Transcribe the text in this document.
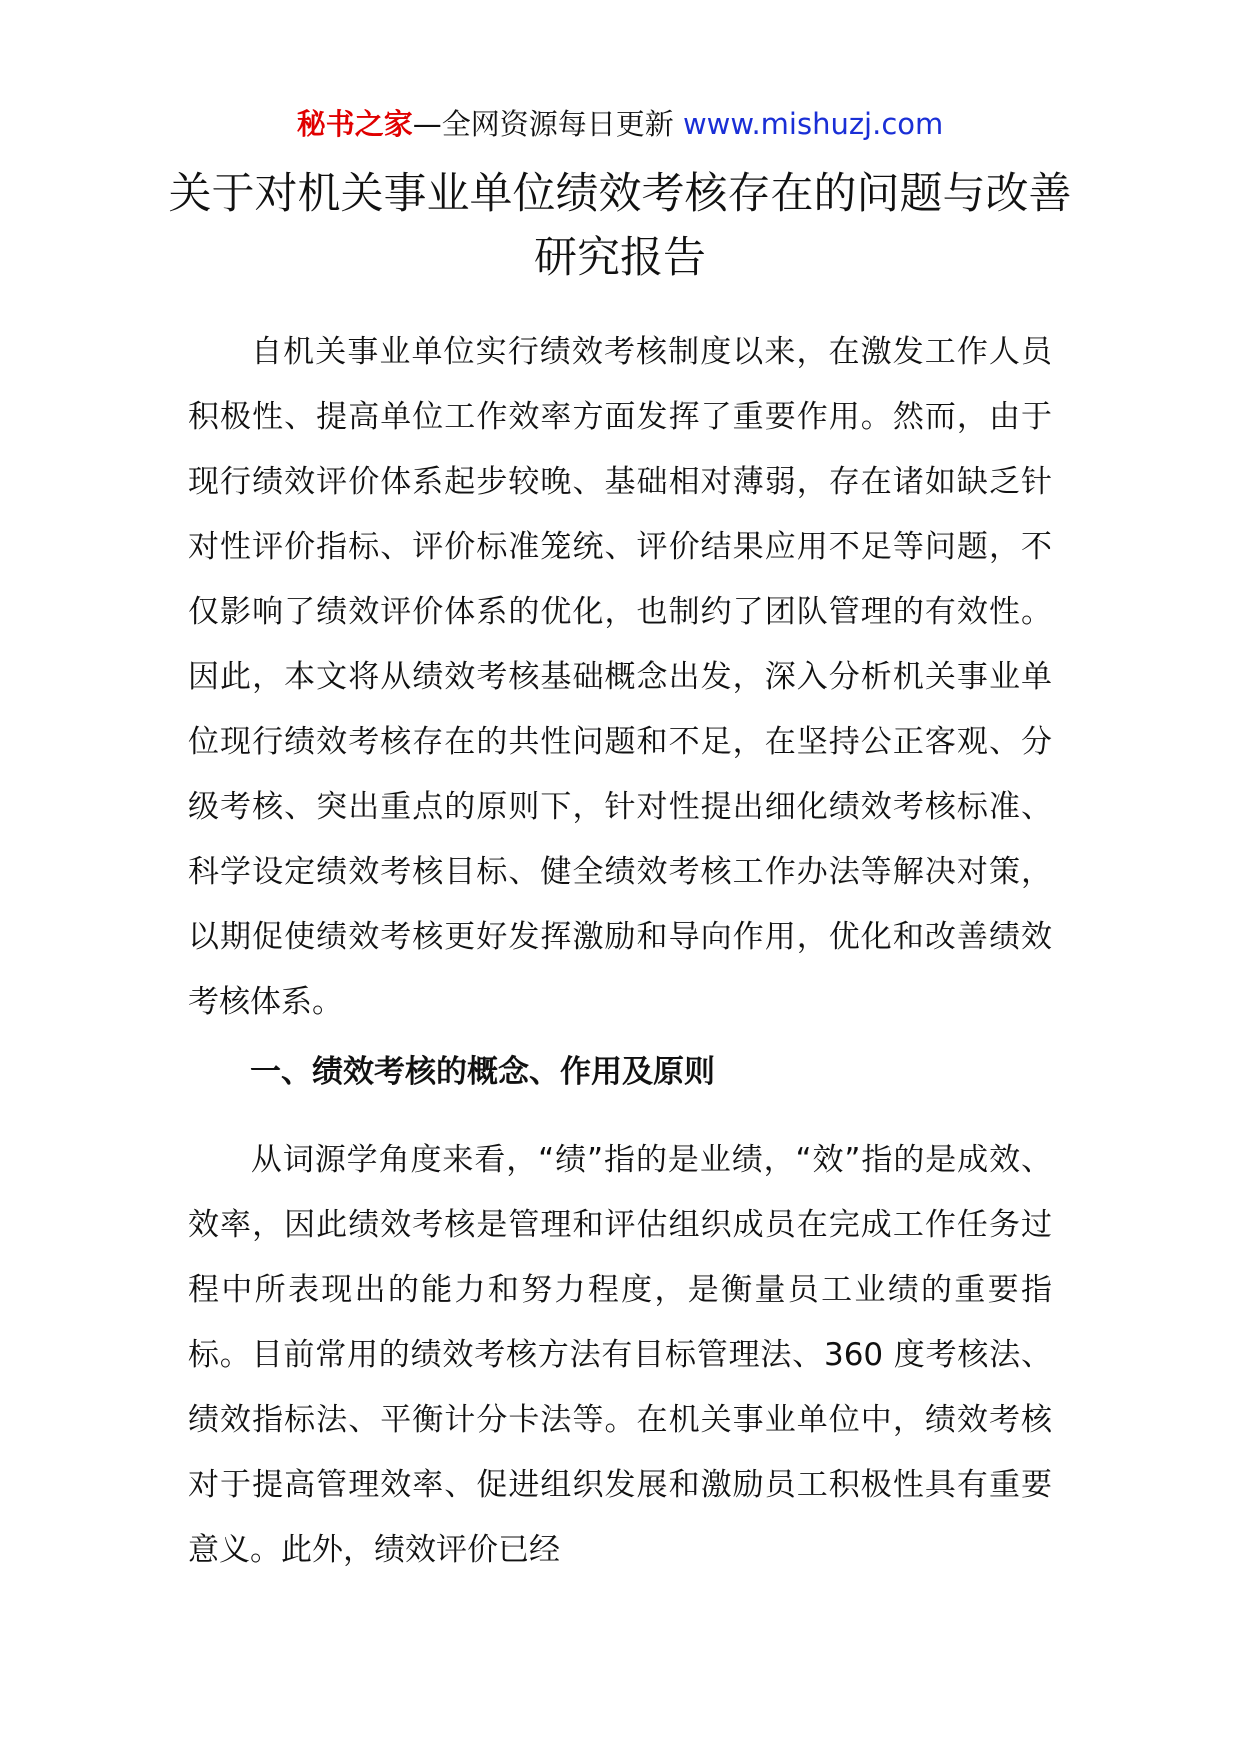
秘书之家—全网资源每日更新 www.mishuzj.com
关于对机关事业单位绩效考核存在的问题与改善研究报告

自机关事业单位实行绩效考核制度以来，在激发工作人员积极性、提高单位工作效率方面发挥了重要作用。然而，由于现行绩效评价体系起步较晚、基础相对薄弱，存在诸如缺乏针对性评价指标、评价标准笼统、评价结果应用不足等问题，不仅影响了绩效评价体系的优化，也制约了团队管理的有效性。因此，本文将从绩效考核基础概念出发，深入分析机关事业单位现行绩效考核存在的共性问题和不足，在坚持公正客观、分级考核、突出重点的原则下，针对性提出细化绩效考核标准、科学设定绩效考核目标、健全绩效考核工作办法等解决对策，以期促使绩效考核更好发挥激励和导向作用，优化和改善绩效考核体系。

一、绩效考核的概念、作用及原则

从词源学角度来看，“绩”指的是业绩，“效”指的是成效、效率，因此绩效考核是管理和评估组织成员在完成工作任务过程中所表现出的能力和努力程度，是衡量员工业绩的重要指标。目前常用的绩效考核方法有目标管理法、360 度考核法、绩效指标法、平衡计分卡法等。在机关事业单位中，绩效考核对于提高管理效率、促进组织发展和激励员工积极性具有重要意义。此外，绩效评价已经
